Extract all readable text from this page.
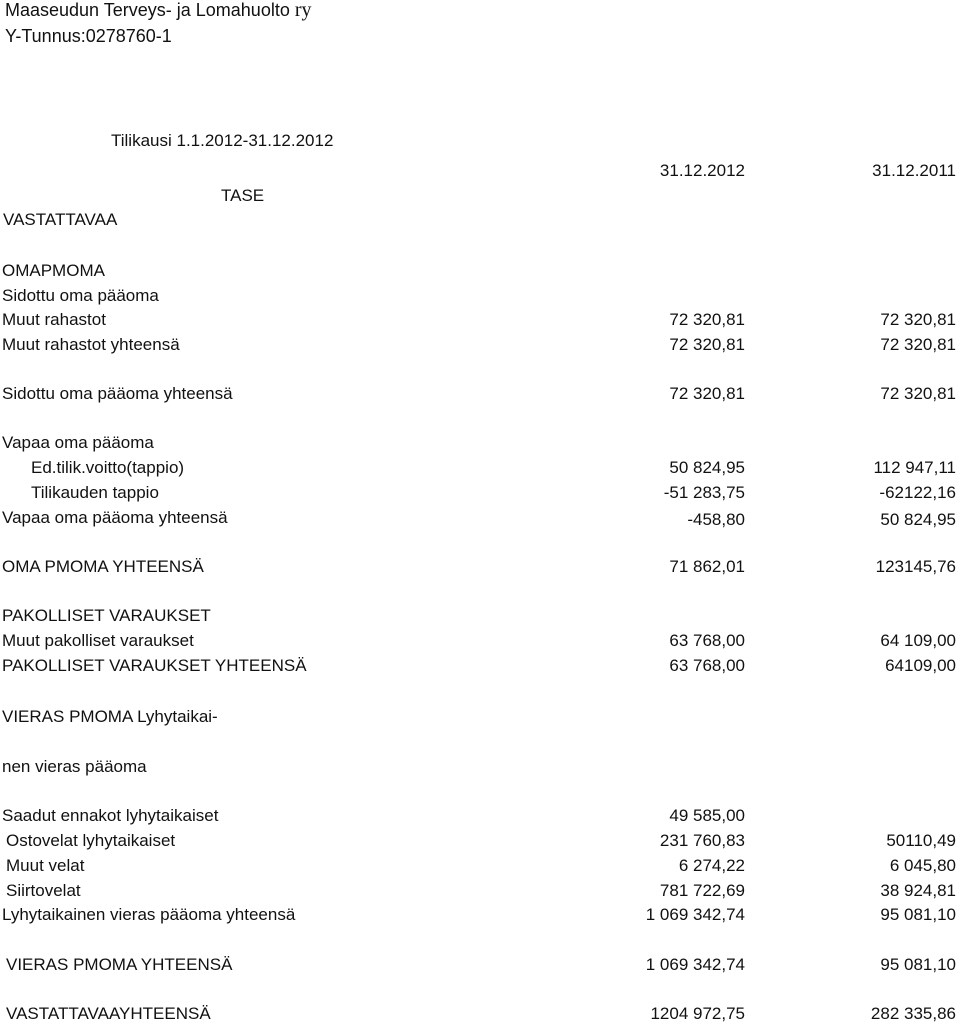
Maaseudun Terveys- ja Lomahuolto ry
Y-Tunnus:0278760-1
Tilikausi 1.1.2012-31.12.2012
31.12.2012	31.12.2011
TASE
VASTATTAVAA
OMAPMOMA
Sidottu oma pääoma
Muut rahastot	72 320,81	72 320,81
Muut rahastot yhteensä	72 320,81	72 320,81
Sidottu oma pääoma yhteensä	72 320,81	72 320,81
Vapaa oma pääoma
Ed.tilik.voitto(tappio)	50 824,95	112 947,11
Tilikauden tappio	-51 283,75	-62122,16
Vapaa oma pääoma yhteensä	-458,80	50 824,95
OMA PMOMA YHTEENSÄ	71 862,01	123145,76
PAKOLLISET VARAUKSET
Muut pakolliset varaukset	63 768,00	64 109,00
PAKOLLISET VARAUKSET YHTEENSÄ	63 768,00	64109,00
VIERAS PMOMA Lyhytaikai-
nen vieras pääoma
Saadut ennakot lyhytaikaiset	49 585,00
Ostovelat lyhytaikaiset	231 760,83	50110,49
Muut velat	6 274,22	6 045,80
Siirtovelat	781 722,69	38 924,81
Lyhytaikainen vieras pääoma yhteensä	1 069 342,74	95 081,10
VIERAS PMOMA YHTEENSÄ	1 069 342,74	95 081,10
VASTATTAVAAYHTEENSÄ	1204 972,75	282 335,86
